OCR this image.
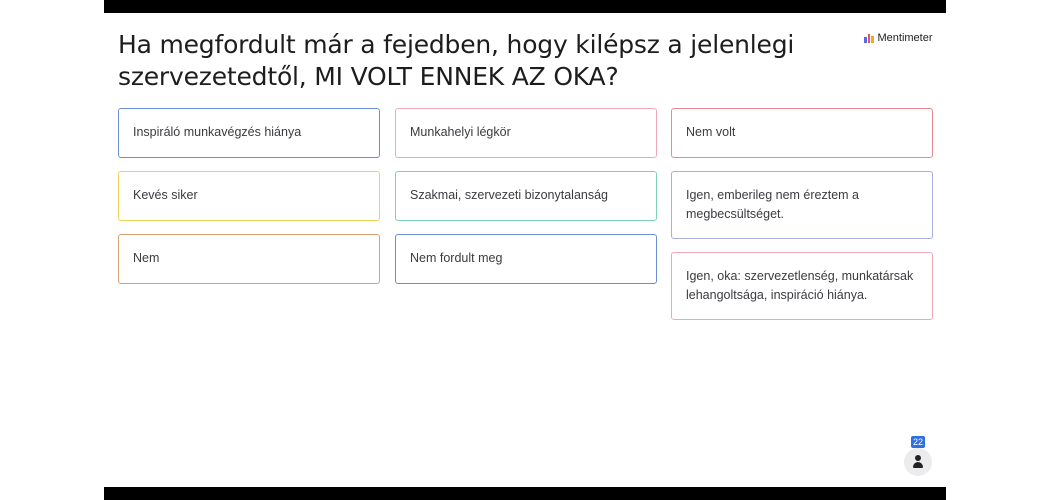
Ha megfordult már a fejedben, hogy kilépsz a jelenlegi
szervezetedtől, MI VOLT ENNEK AZ OKA?
Mentimeter
Inspiráló munkavégzés hiánya
Kevés siker
Nem
Munkahelyi légkör
Szakmai, szervezeti bizonytalanság
Nem fordult meg
Nem volt
Igen, emberileg nem éreztem a megbecsültséget.
Igen, oka: szervezetlenség, munkatársak lehangoltsága, inspiráció hiánya.
22
